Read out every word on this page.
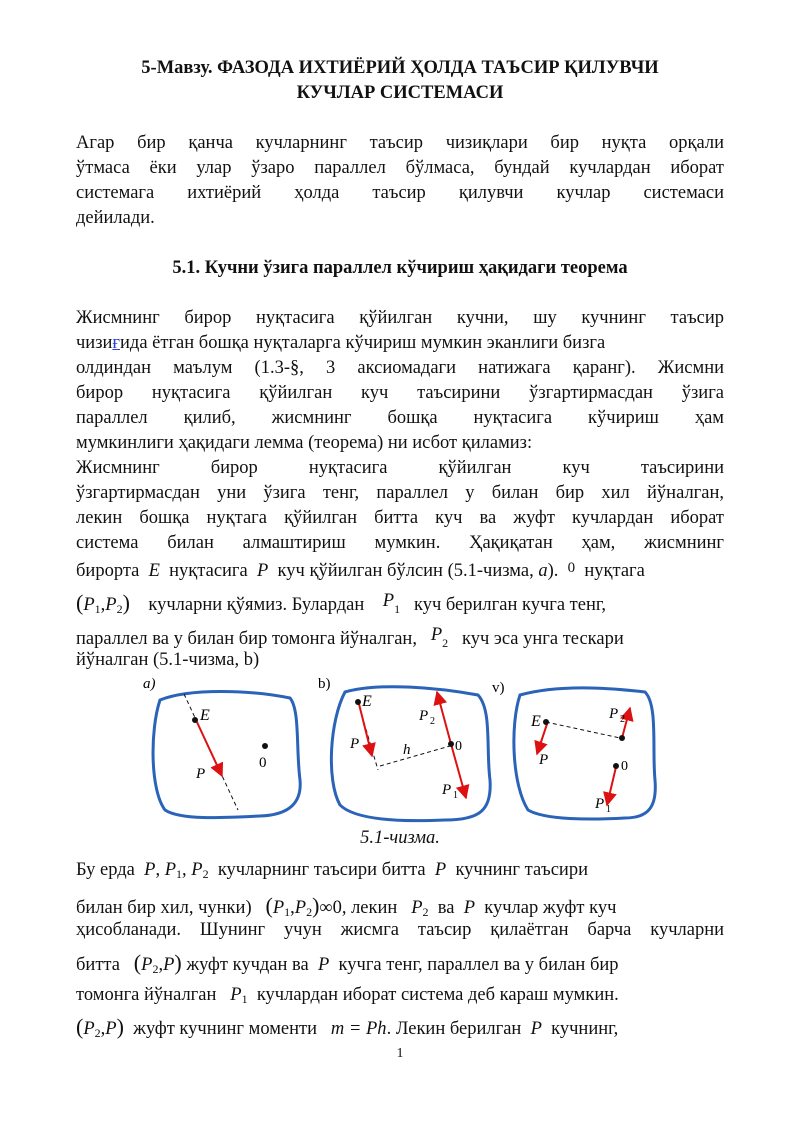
5-Мавзу. ФАЗОДА ИХТИЁРИЙ ҲОЛДА ТАЪСИР ҚИЛУВЧИ
КУЧЛАР СИСТЕМАСИ
Агар бир қанча кучларнинг таъсир чизиқлари бир нуқта орқали
ўтмаса ёки улар ўзаро параллел бўлмаса, бундай кучлардан иборат
системага ихтиёрий ҳолда таъсир қилувчи кучлар системаси
дейилади.
5.1. Кучни ўзига параллел кўчириш ҳақидаги теорема
Жисмнинг бирор нуқтасига қўйилган кучни, шу кучнинг таъсир
чизиғида ётган бошқа нуқталарга кўчириш мумкин эканлиги бизга
олдиндан маълум (1.3-§, 3 аксиомадаги натижага қаранг). Жисмни
бирор нуқтасига қўйилган куч таъсирини ўзгартирмасдан ўзига
параллел қилиб, жисмнинг бошқа нуқтасига кўчириш ҳам
мумкинлиги ҳақидаги лемма (теорема) ни исбот қиламиз:
Жисмнинг бирор нуқтасига қўйилган куч таъсирини
ўзгартирмасдан уни ўзига тенг, параллел у билан бир хил йўналган,
лекин бошқа нуқтага қўйилган битта куч ва жуфт кучлардан иборат
система билан алмаштириш мумкин. Ҳақиқатан ҳам, жисмнинг
бирорта E нуқтасига P куч қўйилган бўлсин (5.1-чизма, a). $^0$ нуқтага
$(P_1,P_2)$ кучларни қўямиз. Булардан $P_1$ куч берилган кучга тенг,
параллел ва у билан бир томонга йўналган, $P_2$ куч эса унга тескари
йўналган (5.1-чизма, b)
a)
E
P
0
b)
E
P	h	0
P 2
P 1
v)
E
P
P 2
0
P 1
5.1-чизма.
Бу ерда P, $P_1$, $P_2$ кучларнинг таъсири битта P кучнинг таъсири
билан бир хил, чунки) $(P_1,P_2)\infty 0$, лекин $P_2$ ва P кучлар жуфт куч
ҳисобланади. Шунинг учун жисмга таъсир қилаётган барча кучларни
битта $(P_2,P)$ жуфт кучдан ва P кучга тенг, параллел ва у билан бир
томонга йўналган $P_1$ кучлардан иборат система деб караш мумкин.
$(P_2,P)$ жуфт кучнинг моменти m = Ph. Лекин берилган P кучнинг,
1
